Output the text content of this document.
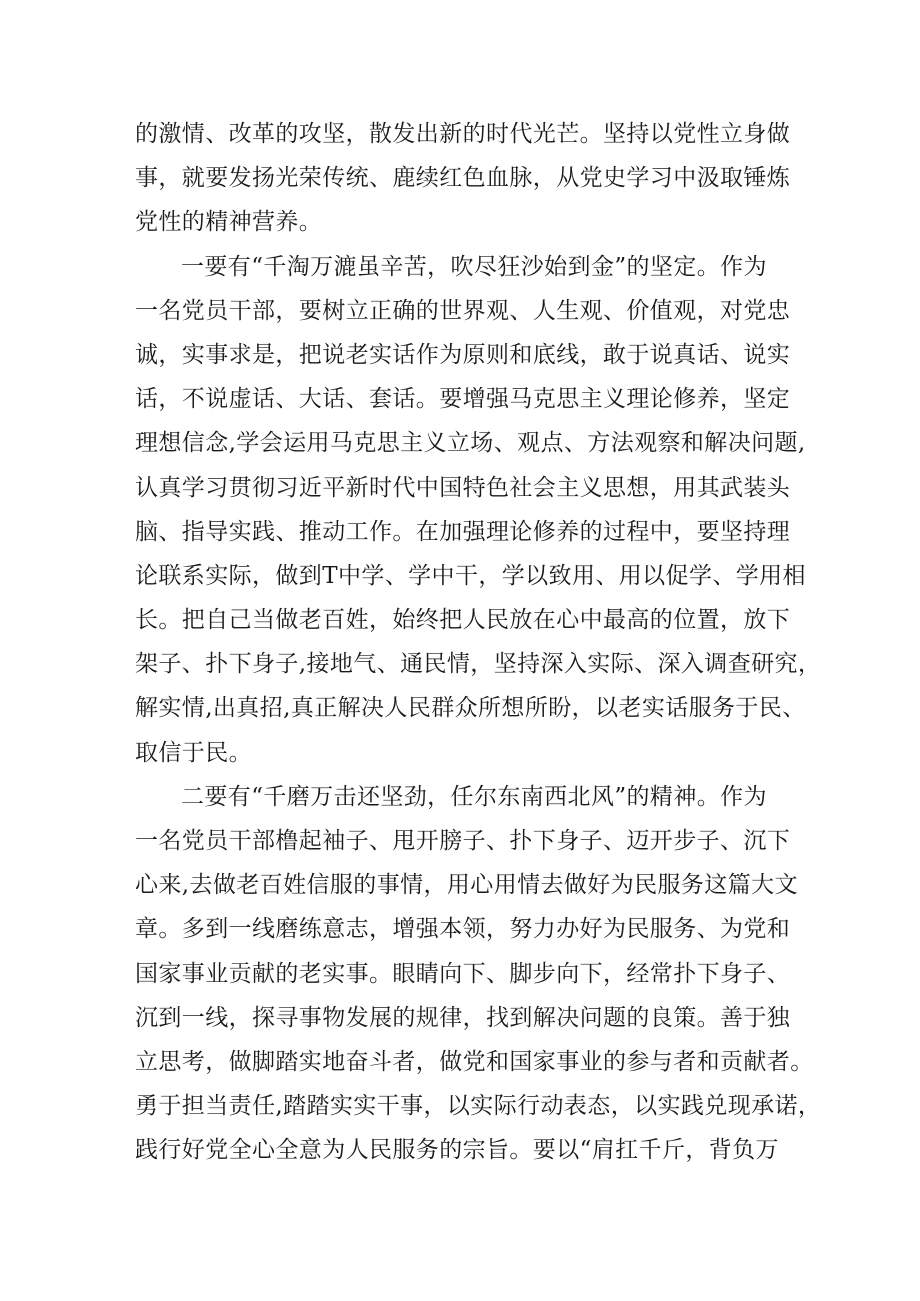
的激情、改革的攻坚，散发出新的时代光芒。坚持以党性立身做
事，就要发扬光荣传统、鹿续红色血脉，从党史学习中汲取锤炼
党性的精神营养。
一要有“千淘万漉虽辛苦，吹尽狂沙始到金”的坚定。作为
一名党员干部，要树立正确的世界观、人生观、价值观，对党忠
诚，实事求是，把说老实话作为原则和底线，敢于说真话、说实
话，不说虚话、大话、套话。要增强马克思主义理论修养，坚定
理想信念,学会运用马克思主义立场、观点、方法观察和解决问题,
认真学习贯彻习近平新时代中国特色社会主义思想，用其武装头
脑、指导实践、推动工作。在加强理论修养的过程中，要坚持理
论联系实际，做到T中学、学中干，学以致用、用以促学、学用相
长。把自己当做老百姓，始终把人民放在心中最高的位置，放下
架子、扑下身子,接地气、通民情，坚持深入实际、深入调查研究，
解实情,出真招,真正解决人民群众所想所盼，以老实话服务于民、
取信于民。
二要有“千磨万击还坚劲，任尔东南西北风”的精神。作为
一名党员干部橹起袖子、甩开膀子、扑下身子、迈开步子、沉下
心来,去做老百姓信服的事情，用心用情去做好为民服务这篇大文
章。多到一线磨练意志，增强本领，努力办好为民服务、为党和
国家事业贡献的老实事。眼睛向下、脚步向下，经常扑下身子、
沉到一线，探寻事物发展的规律，找到解决问题的良策。善于独
立思考，做脚踏实地奋斗者，做党和国家事业的参与者和贡献者。
勇于担当责任,踏踏实实干事，以实际行动表态，以实践兑现承诺，
践行好党全心全意为人民服务的宗旨。要以“肩扛千斤，背负万
